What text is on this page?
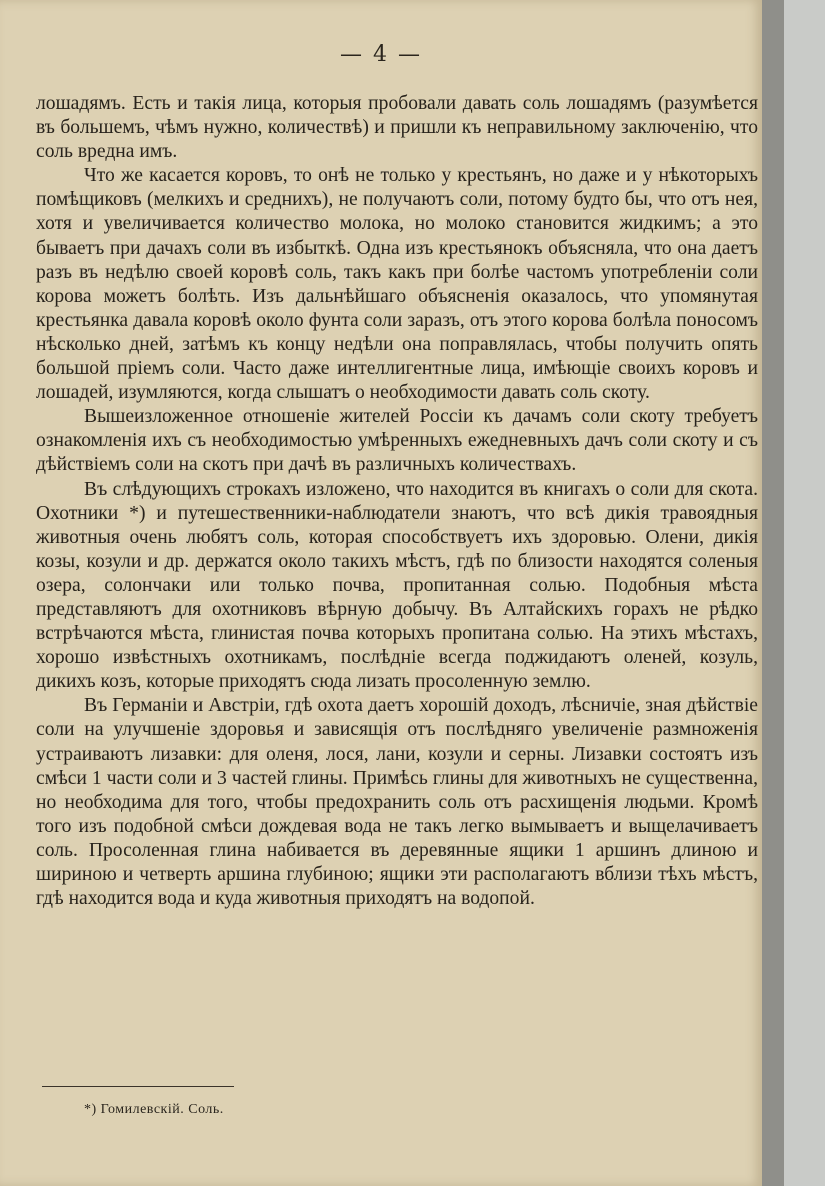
— 4 —

лошадямъ. Есть и такія лица, которыя пробовали давать соль лошадямъ (разумѣется въ большемъ, чѣмъ нужно, количествѣ) и пришли къ неправильному заключенію, что соль вредна имъ.

Что же касается коровъ, то онѣ не только у крестьянъ, но даже и у нѣкоторыхъ помѣщиковъ (мелкихъ и среднихъ), не получаютъ соли, потому будто бы, что отъ нея, хотя и увеличивается количество молока, но молоко становится жидкимъ; а это бываетъ при дачахъ соли въ избыткѣ. Одна изъ крестьянокъ объясняла, что она даетъ разъ въ недѣлю своей коровѣ соль, такъ какъ при болѣе частомъ употребленіи соли корова можетъ болѣть. Изъ дальнѣйшаго объясненія оказалось, что упомянутая крестьянка давала коровѣ около фунта соли заразъ, отъ этого корова болѣла поносомъ нѣсколько дней, затѣмъ къ концу недѣли она поправлялась, чтобы получить опять большой пріемъ соли. Часто даже интеллигентные лица, имѣющіе своихъ коровъ и лошадей, изумляются, когда слышатъ о необходимости давать соль скоту.

Вышеизложенное отношеніе жителей Россіи къ дачамъ соли скоту требуетъ ознакомленія ихъ съ необходимостью умѣренныхъ ежедневныхъ дачъ соли скоту и съ дѣйствіемъ соли на скотъ при дачѣ въ различныхъ количествахъ.

Въ слѣдующихъ строкахъ изложено, что находится въ книгахъ о соли для скота. Охотники *) и путешественники-наблюдатели знаютъ, что всѣ дикія травоядныя животныя очень любятъ соль, которая способствуетъ ихъ здоровью. Олени, дикія козы, козули и др. держатся около такихъ мѣстъ, гдѣ по близости находятся соленыя озера, солончаки или только почва, пропитанная солью. Подобныя мѣста представляютъ для охотниковъ вѣрную добычу. Въ Алтайскихъ горахъ не рѣдко встрѣчаются мѣста, глинистая почва которыхъ пропитана солью. На этихъ мѣстахъ, хорошо извѣстныхъ охотникамъ, послѣдніе всегда поджидаютъ оленей, козуль, дикихъ козъ, которые приходятъ сюда лизать просоленную землю.

Въ Германіи и Австріи, гдѣ охота даетъ хорошій доходъ, лѣсничіе, зная дѣйствіе соли на улучшеніе здоровья и зависящія отъ послѣдняго увеличеніе размноженія устраиваютъ лизавки: для оленя, лося, лани, козули и серны. Лизавки состоятъ изъ смѣси 1 части соли и 3 частей глины. Примѣсь глины для животныхъ не существенна, но необходима для того, чтобы предохранить соль отъ расхищенія людьми. Кромѣ того изъ подобной смѣси дождевая вода не такъ легко вымываетъ и выщелачиваетъ соль. Просоленная глина набивается въ деревянные ящики 1 аршинъ длиною и шириною и четверть аршина глубиною; ящики эти располагаютъ вблизи тѣхъ мѣстъ, гдѣ находится вода и куда животныя приходятъ на водопой.

*) Гомилевскій. Соль.
